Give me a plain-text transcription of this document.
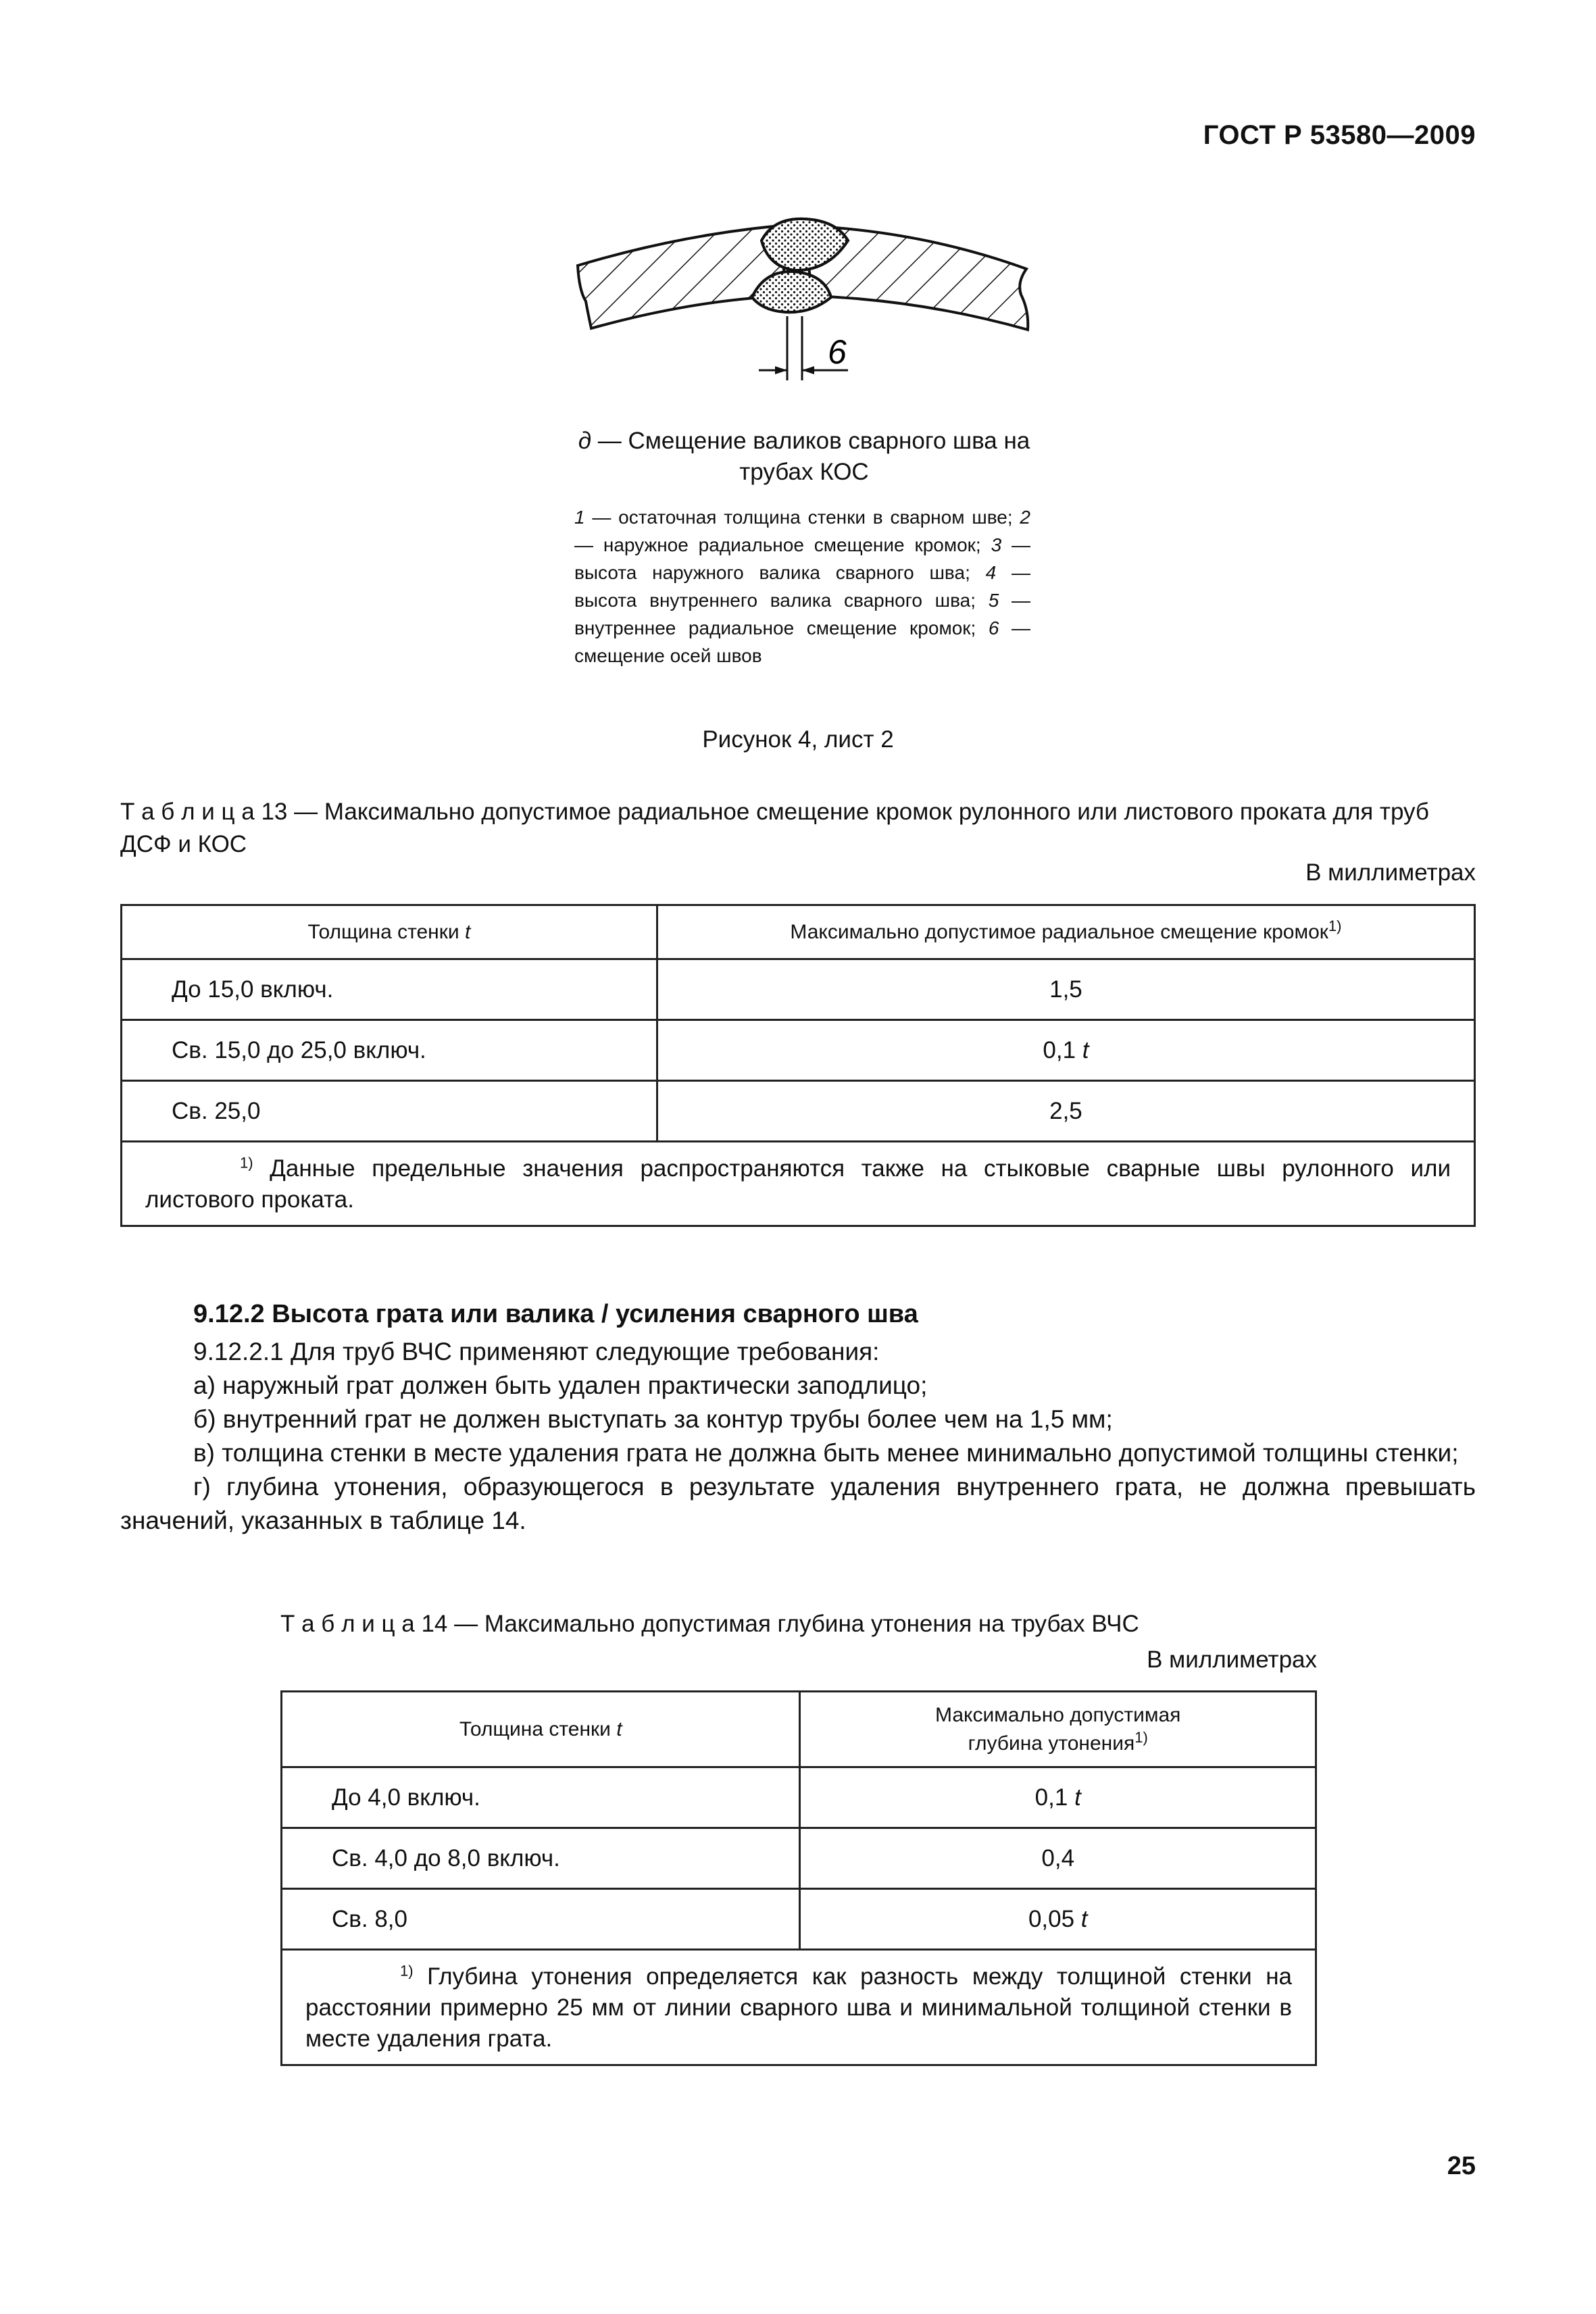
ГОСТ Р 53580—2009
6
д — Смещение валиков сварного шва на трубах КОС
1 — остаточная толщина стенки в сварном шве; 2 — наружное радиальное смещение кромок; 3 — высота наружного валика сварного шва; 4 — высота внутреннего валика сварного шва; 5 — внутреннее радиальное смещение кромок; 6 — смещение осей швов
Рисунок 4, лист 2
Т а б л и ц а 13 — Максимально допустимое радиальное смещение кромок рулонного или листового проката для труб ДСФ и КОС
В миллиметрах
Толщина стенки t	Максимально допустимое радиальное смещение кромок$^{1)}$
До 15,0 включ.	1,5
Св. 15,0 до 25,0 включ.	0,1 t
Св. 25,0	2,5
$^{1)}$ Данные предельные значения распространяются также на стыковые сварные швы рулонного или листового проката.	
9.12.2 Высота грата или валика / усиления сварного шва
9.12.2.1 Для труб ВЧС применяют следующие требования:
а) наружный грат должен быть удален практически заподлицо;
б) внутренний грат не должен выступать за контур трубы более чем на 1,5 мм;
в) толщина стенки в месте удаления грата не должна быть менее минимально допустимой толщины стенки;
г) глубина утонения, образующегося в результате удаления внутреннего грата, не должна превышать значений, указанных в таблице 14.
Т а б л и ц а 14 — Максимально допустимая глубина утонения на трубах ВЧС
В миллиметрах
Толщина стенки t	Максимально допустимая
глубина утонения$^{1)}$
До 4,0 включ.	0,1 t
Св. 4,0 до 8,0 включ.	0,4
Св. 8,0	0,05 t
$^{1)}$ Глубина утонения определяется как разность между толщиной стенки на расстоянии примерно 25 мм от линии сварного шва и минимальной толщиной стенки в месте удаления грата.	
25
